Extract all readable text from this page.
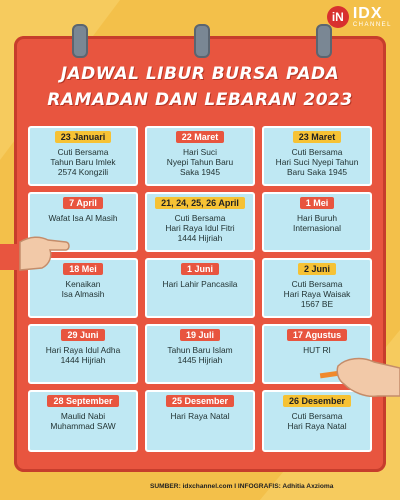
iN IDX
CHANNEL
JADWAL LIBUR BURSA PADA
RAMADAN DAN LEBARAN 2023
23 Januari
Cuti Bersama
Tahun Baru Imlek
2574 Kongzili
22 Maret
Hari Suci
Nyepi Tahun Baru
Saka 1945
23 Maret
Cuti Bersama
Hari Suci Nyepi Tahun
Baru Saka 1945
7 April
Wafat Isa Al Masih
21, 24, 25, 26 April
Cuti Bersama
Hari Raya Idul Fitri
1444 Hijriah
1 Mei
Hari Buruh
Internasional
18 Mei
Kenaikan
Isa Almasih
1 Juni
Hari Lahir Pancasila
2 Juni
Cuti Bersama
Hari Raya Waisak
1567 BE
29 Juni
Hari Raya Idul Adha
1444 Hijriah
19 Juli
Tahun Baru Islam
1445 Hijriah
17 Agustus
HUT RI
28 September
Maulid Nabi
Muhammad SAW
25 Desember
Hari Raya Natal
26 Desember
Cuti Bersama
Hari Raya Natal
SUMBER: idxchannel.com I INFOGRAFIS: Adhitia Axzioma
